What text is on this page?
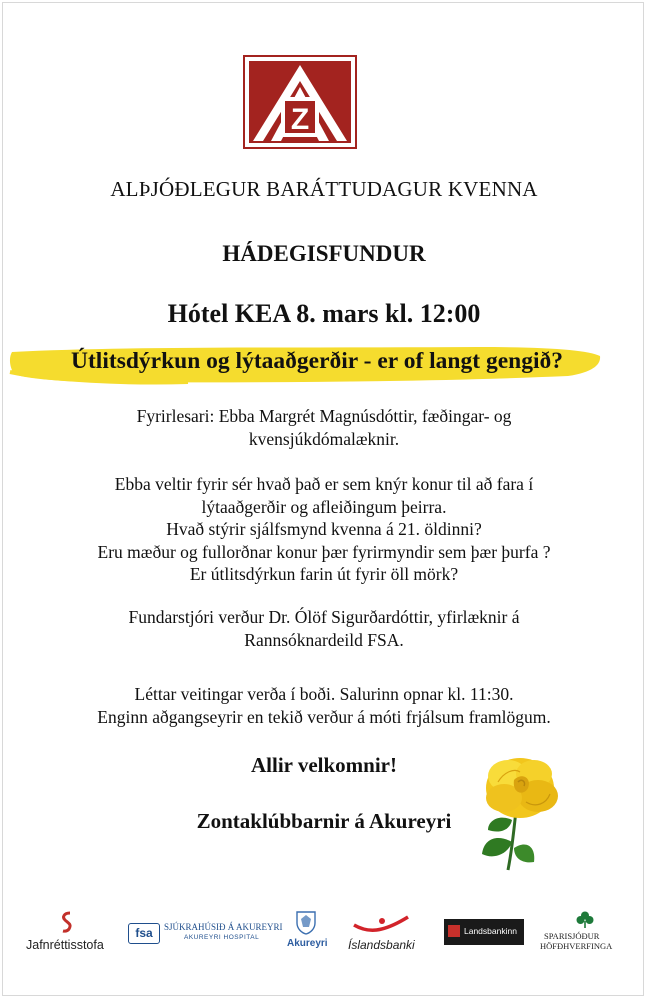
Z
ALÞJÓÐLEGUR BARÁTTUDAGUR KVENNA
HÁDEGISFUNDUR
Hótel KEA 8. mars kl. 12:00
Útlitsdýrkun og lýtaaðgerðir - er of langt gengið?
Fyrirlesari: Ebba Margrét Magnúsdóttir, fæðingar- og
kvensjúkdómalæknir.
Ebba veltir fyrir sér hvað það er sem knýr konur til að fara í
lýtaaðgerðir og afleiðingum þeirra.
Hvað stýrir sjálfsmynd kvenna á 21. öldinni?
Eru mæður og fullorðnar konur þær fyrirmyndir sem þær þurfa ?
Er útlitsdýrkun farin út fyrir öll mörk?
Fundarstjóri verður Dr. Ólöf Sigurðardóttir, yfirlæknir á
Rannsóknardeild FSA.
Léttar veitingar verða í boði. Salurinn opnar kl. 11:30.
Enginn aðgangseyrir en tekið verður á móti frjálsum framlögum.
Allir velkomnir!
Zontaklúbbarnir á Akureyri
Jafnréttisstofa
fsa	SJÚKRAHÚSIÐ Á AKUREYRI
AKUREYRI HOSPITAL
Akureyri Íslandsbanki
Landsbankinn	SPARISJÓÐUR
HÖFÐHVERFINGA
